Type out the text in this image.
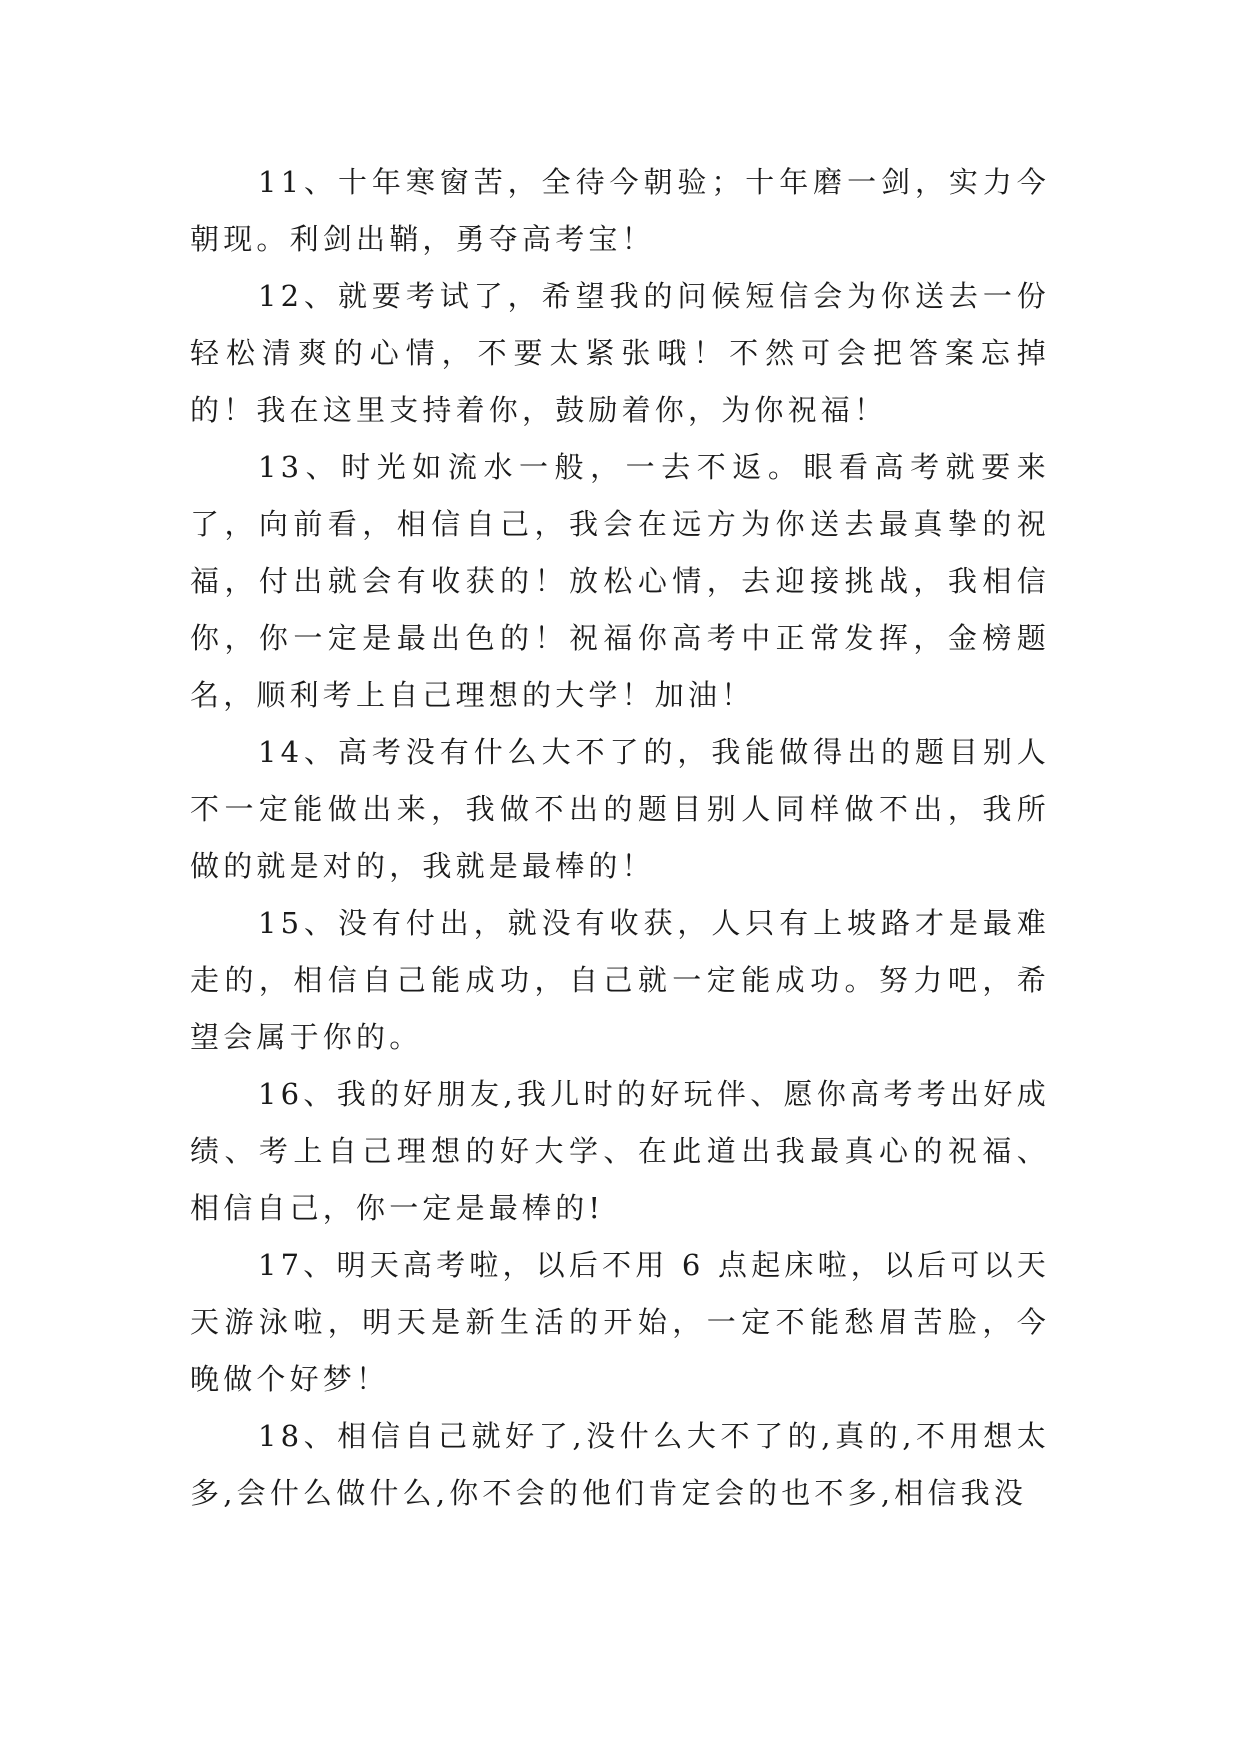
11、十年寒窗苦，全待今朝验；十年磨一剑，实力今朝现。利剑出鞘，勇夺高考宝！

12、就要考试了，希望我的问候短信会为你送去一份轻松清爽的心情，不要太紧张哦！不然可会把答案忘掉的！我在这里支持着你，鼓励着你，为你祝福！

13、时光如流水一般，一去不返。眼看高考就要来了，向前看，相信自己，我会在远方为你送去最真挚的祝福，付出就会有收获的！放松心情，去迎接挑战，我相信你，你一定是最出色的！祝福你高考中正常发挥，金榜题名，顺利考上自己理想的大学！加油！

14、高考没有什么大不了的，我能做得出的题目别人不一定能做出来，我做不出的题目别人同样做不出，我所做的就是对的，我就是最棒的！

15、没有付出，就没有收获，人只有上坡路才是最难走的，相信自己能成功，自己就一定能成功。努力吧，希望会属于你的。

16、我的好朋友,我儿时的好玩伴、愿你高考考出好成绩、考上自己理想的好大学、在此道出我最真心的祝福、相信自己，你一定是最棒的!

17、明天高考啦，以后不用 6 点起床啦，以后可以天天游泳啦，明天是新生活的开始，一定不能愁眉苦脸，今晚做个好梦！

18、相信自己就好了,没什么大不了的,真的,不用想太多,会什么做什么,你不会的他们肯定会的也不多,相信我没
